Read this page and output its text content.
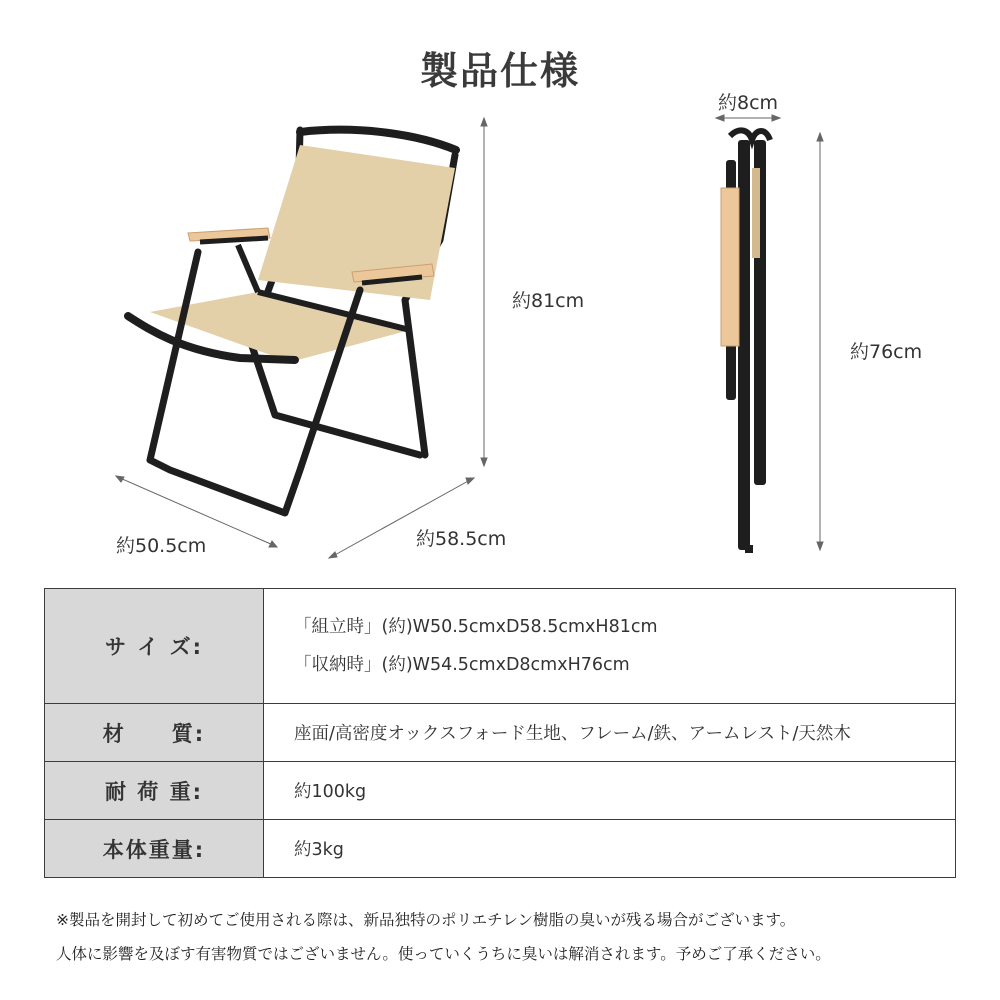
製品仕様
約81cm
約50.5cm	約58.5cm
約8cm
約76cm
サ イ ズ:	「組立時」(約)W50.5cmxD58.5cmxH81cm
「収納時」(約)W54.5cmxD8cmxH76cm

材　　質:	座面/高密度オックスフォード生地、フレーム/鉄、アームレスト/天然木
耐 荷 重:	約100kg
本体重量:	約3kg
※製品を開封して初めてご使用される際は、新品独特のポリエチレン樹脂の臭いが残る場合がございます。
人体に影響を及ぼす有害物質ではございません。使っていくうちに臭いは解消されます。予めご了承ください。
